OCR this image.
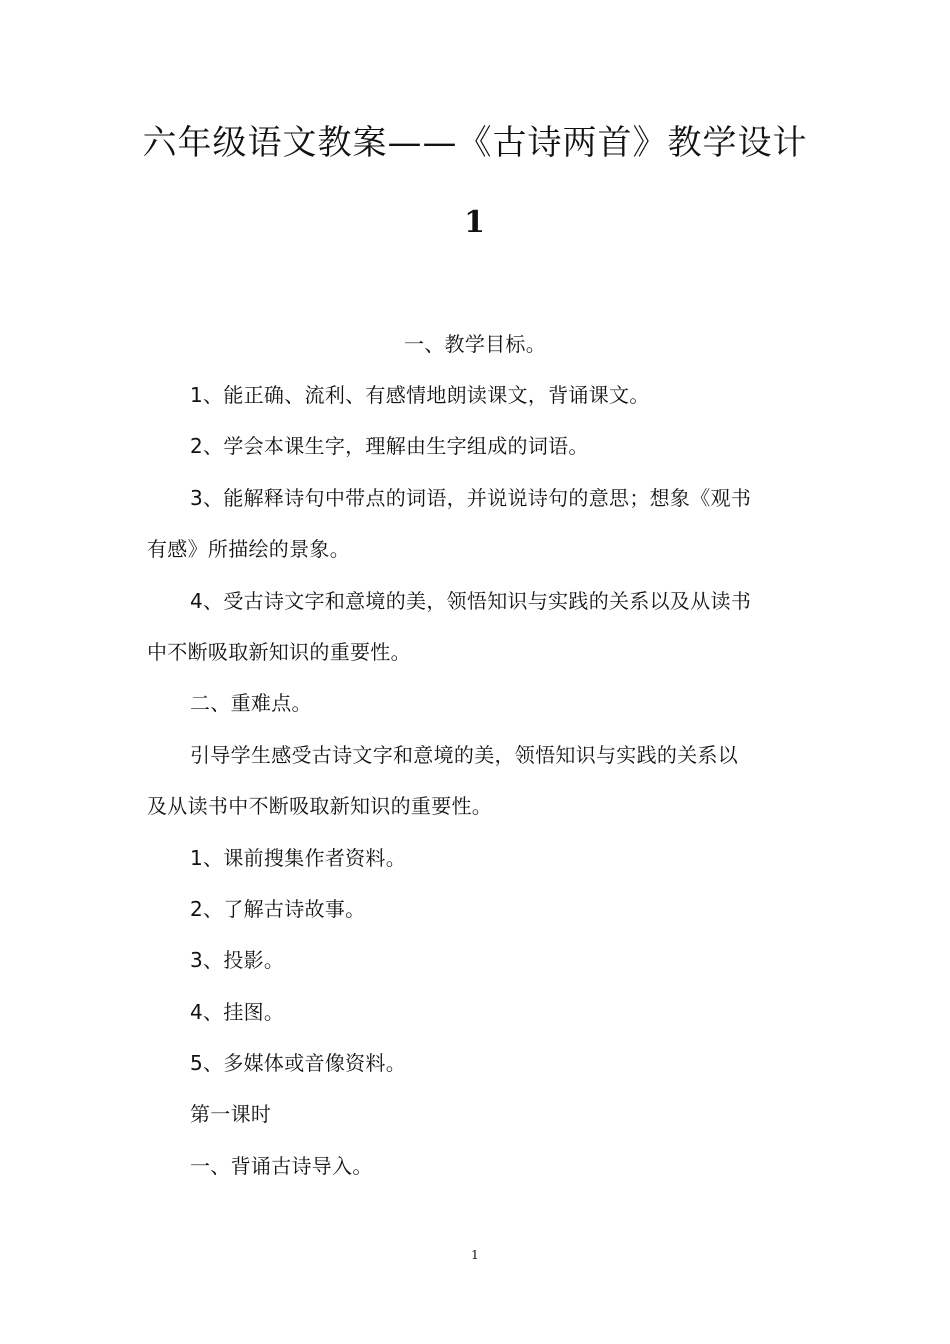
六年级语文教案——《古诗两首》教学设计
1
一、教学目标。
1、能正确、流利、有感情地朗读课文，背诵课文。
2、学会本课生字，理解由生字组成的词语。
3、能解释诗句中带点的词语，并说说诗句的意思；想象《观书
有感》所描绘的景象。
4、受古诗文字和意境的美，领悟知识与实践的关系以及从读书
中不断吸取新知识的重要性。
二、重难点。
引导学生感受古诗文字和意境的美，领悟知识与实践的关系以
及从读书中不断吸取新知识的重要性。
1、课前搜集作者资料。
2、了解古诗故事。
3、投影。
4、挂图。
5、多媒体或音像资料。
第一课时
一、背诵古诗导入。
1
